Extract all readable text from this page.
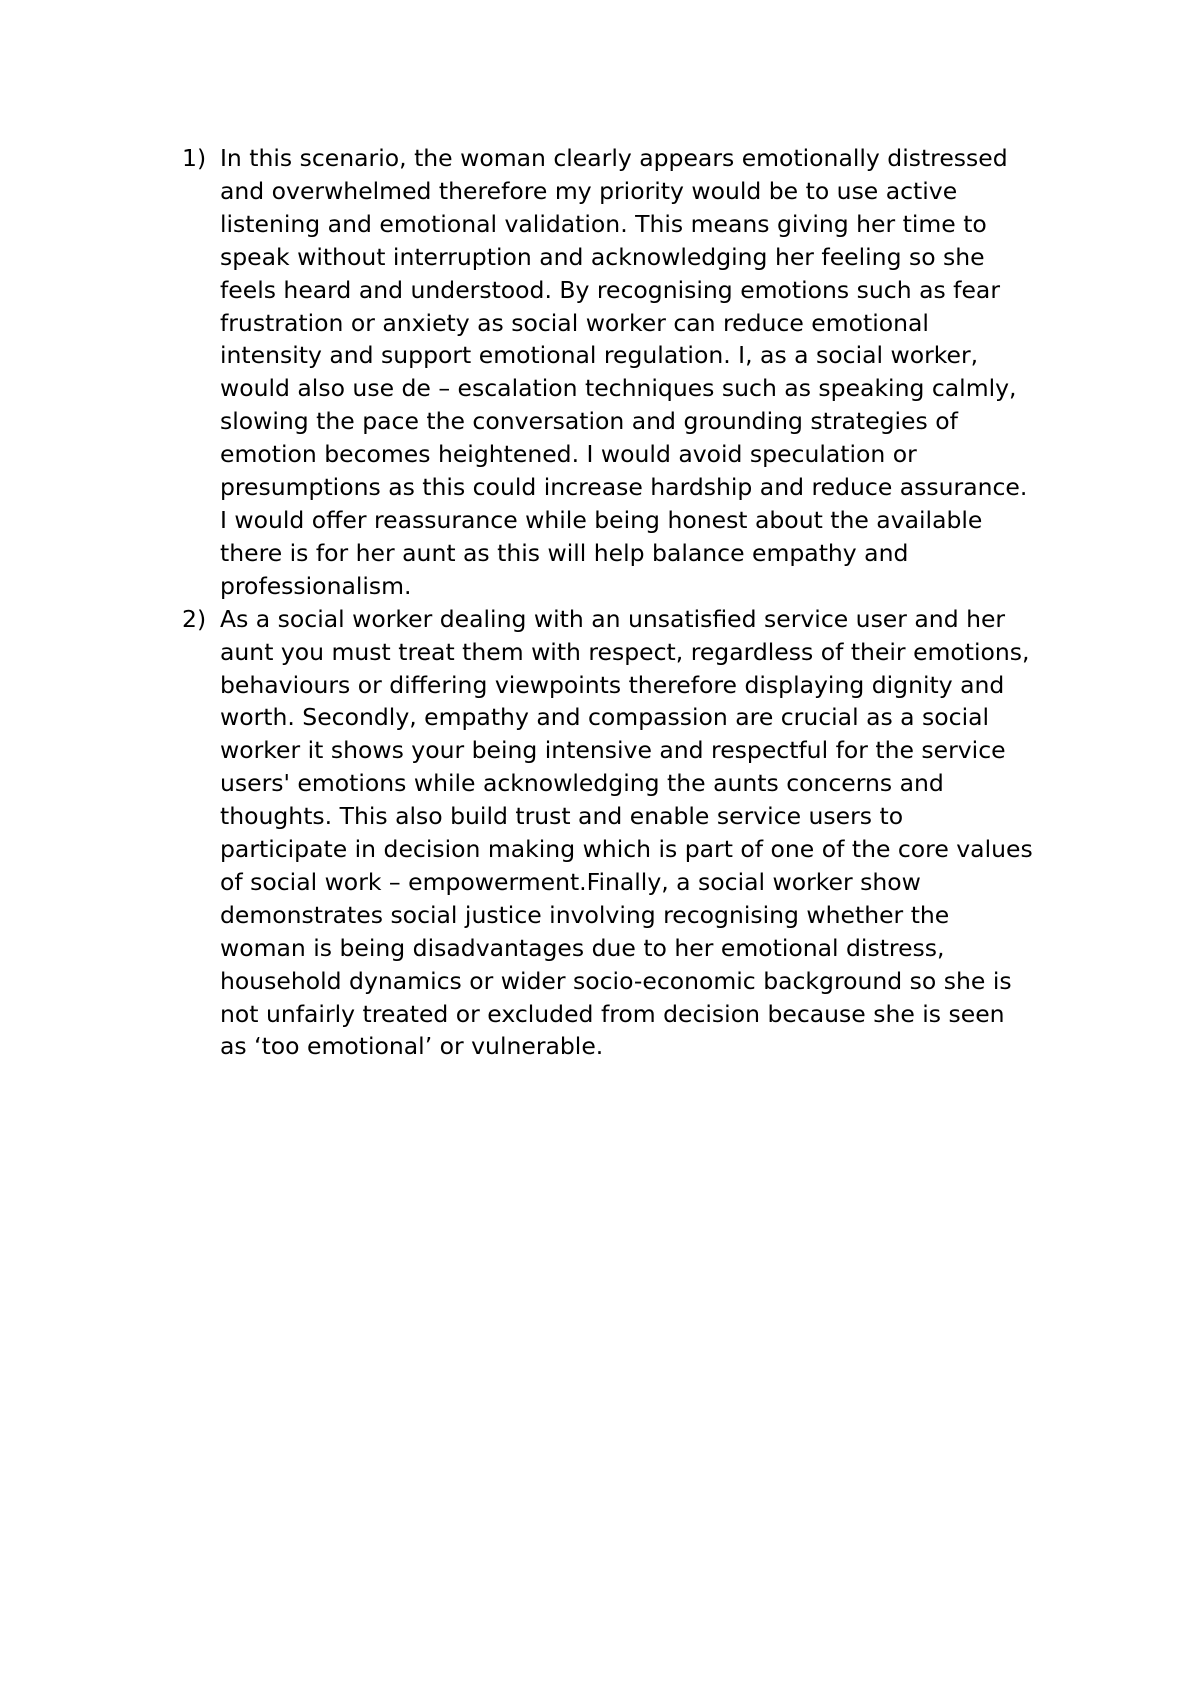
1) In this scenario, the woman clearly appears emotionally distressed
and overwhelmed therefore my priority would be to use active
listening and emotional validation. This means giving her time to
speak without interruption and acknowledging her feeling so she
feels heard and understood. By recognising emotions such as fear
frustration or anxiety as social worker can reduce emotional
intensity and support emotional regulation. I, as a social worker,
would also use de – escalation techniques such as speaking calmly,
slowing the pace the conversation and grounding strategies of
emotion becomes heightened. I would avoid speculation or
presumptions as this could increase hardship and reduce assurance.
I would offer reassurance while being honest about the available
there is for her aunt as this will help balance empathy and
professionalism.
2) As a social worker dealing with an unsatisfied service user and her
aunt you must treat them with respect, regardless of their emotions,
behaviours or differing viewpoints therefore displaying dignity and
worth. Secondly, empathy and compassion are crucial as a social
worker it shows your being intensive and respectful for the service
users' emotions while acknowledging the aunts concerns and
thoughts. This also build trust and enable service users to
participate in decision making which is part of one of the core values
of social work – empowerment.Finally, a social worker show
demonstrates social justice involving recognising whether the
woman is being disadvantages due to her emotional distress,
household dynamics or wider socio-economic background so she is
not unfairly treated or excluded from decision because she is seen
as ‘too emotional’ or vulnerable.
